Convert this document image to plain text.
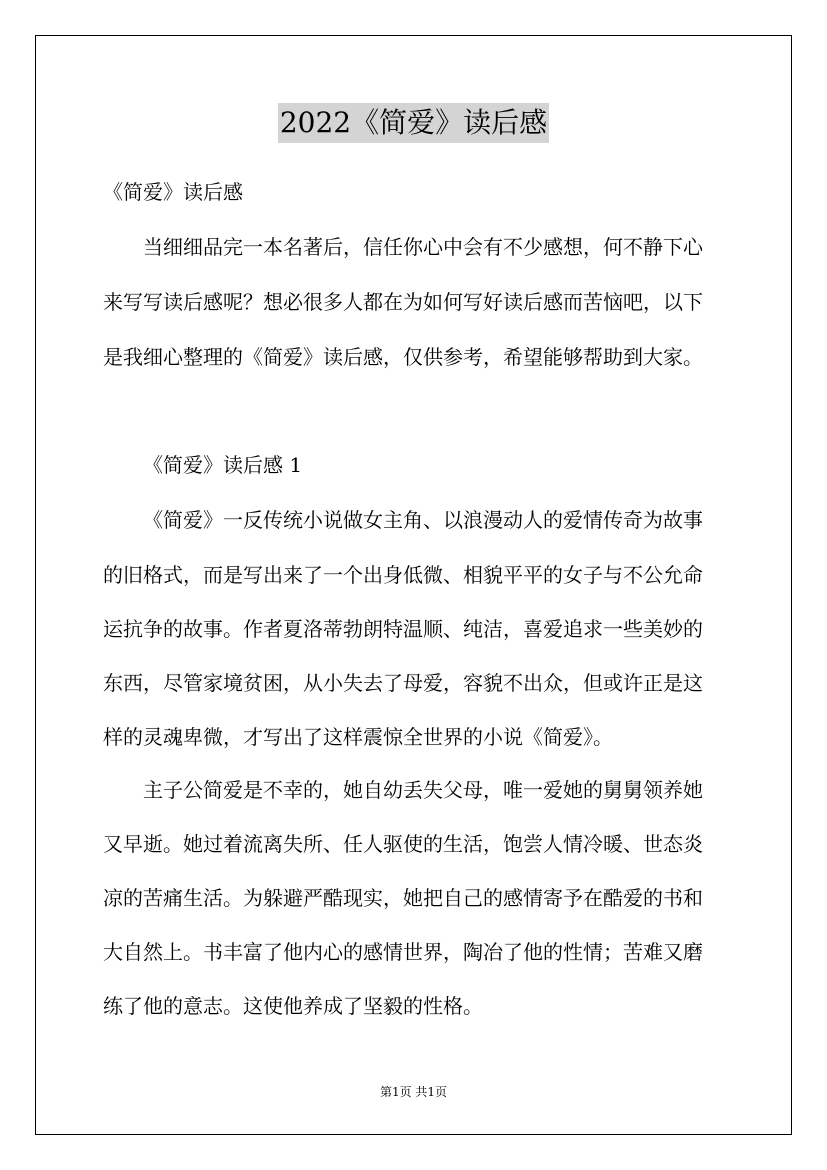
2022《简爱》读后感
《简爱》读后感
当细细品完一本名著后，信任你心中会有不少感想，何不静下心
来写写读后感呢？想必很多人都在为如何写好读后感而苦恼吧，以下
是我细心整理的《简爱》读后感，仅供参考，希望能够帮助到大家。
《简爱》读后感 1
《简爱》一反传统小说做女主角、以浪漫动人的爱情传奇为故事
的旧格式，而是写出来了一个出身低微、相貌平平的女子与不公允命
运抗争的故事。作者夏洛蒂勃朗特温顺、纯洁，喜爱追求一些美妙的
东西，尽管家境贫困，从小失去了母爱，容貌不出众，但或许正是这
样的灵魂卑微，才写出了这样震惊全世界的小说《简爱》。
主子公简爱是不幸的，她自幼丢失父母，唯一爱她的舅舅领养她
又早逝。她过着流离失所、任人驱使的生活，饱尝人情冷暖、世态炎
凉的苦痛生活。为躲避严酷现实，她把自己的感情寄予在酷爱的书和
大自然上。书丰富了他内心的感情世界，陶冶了他的性情；苦难又磨
练了他的意志。这使他养成了坚毅的性格。
第1页 共1页
